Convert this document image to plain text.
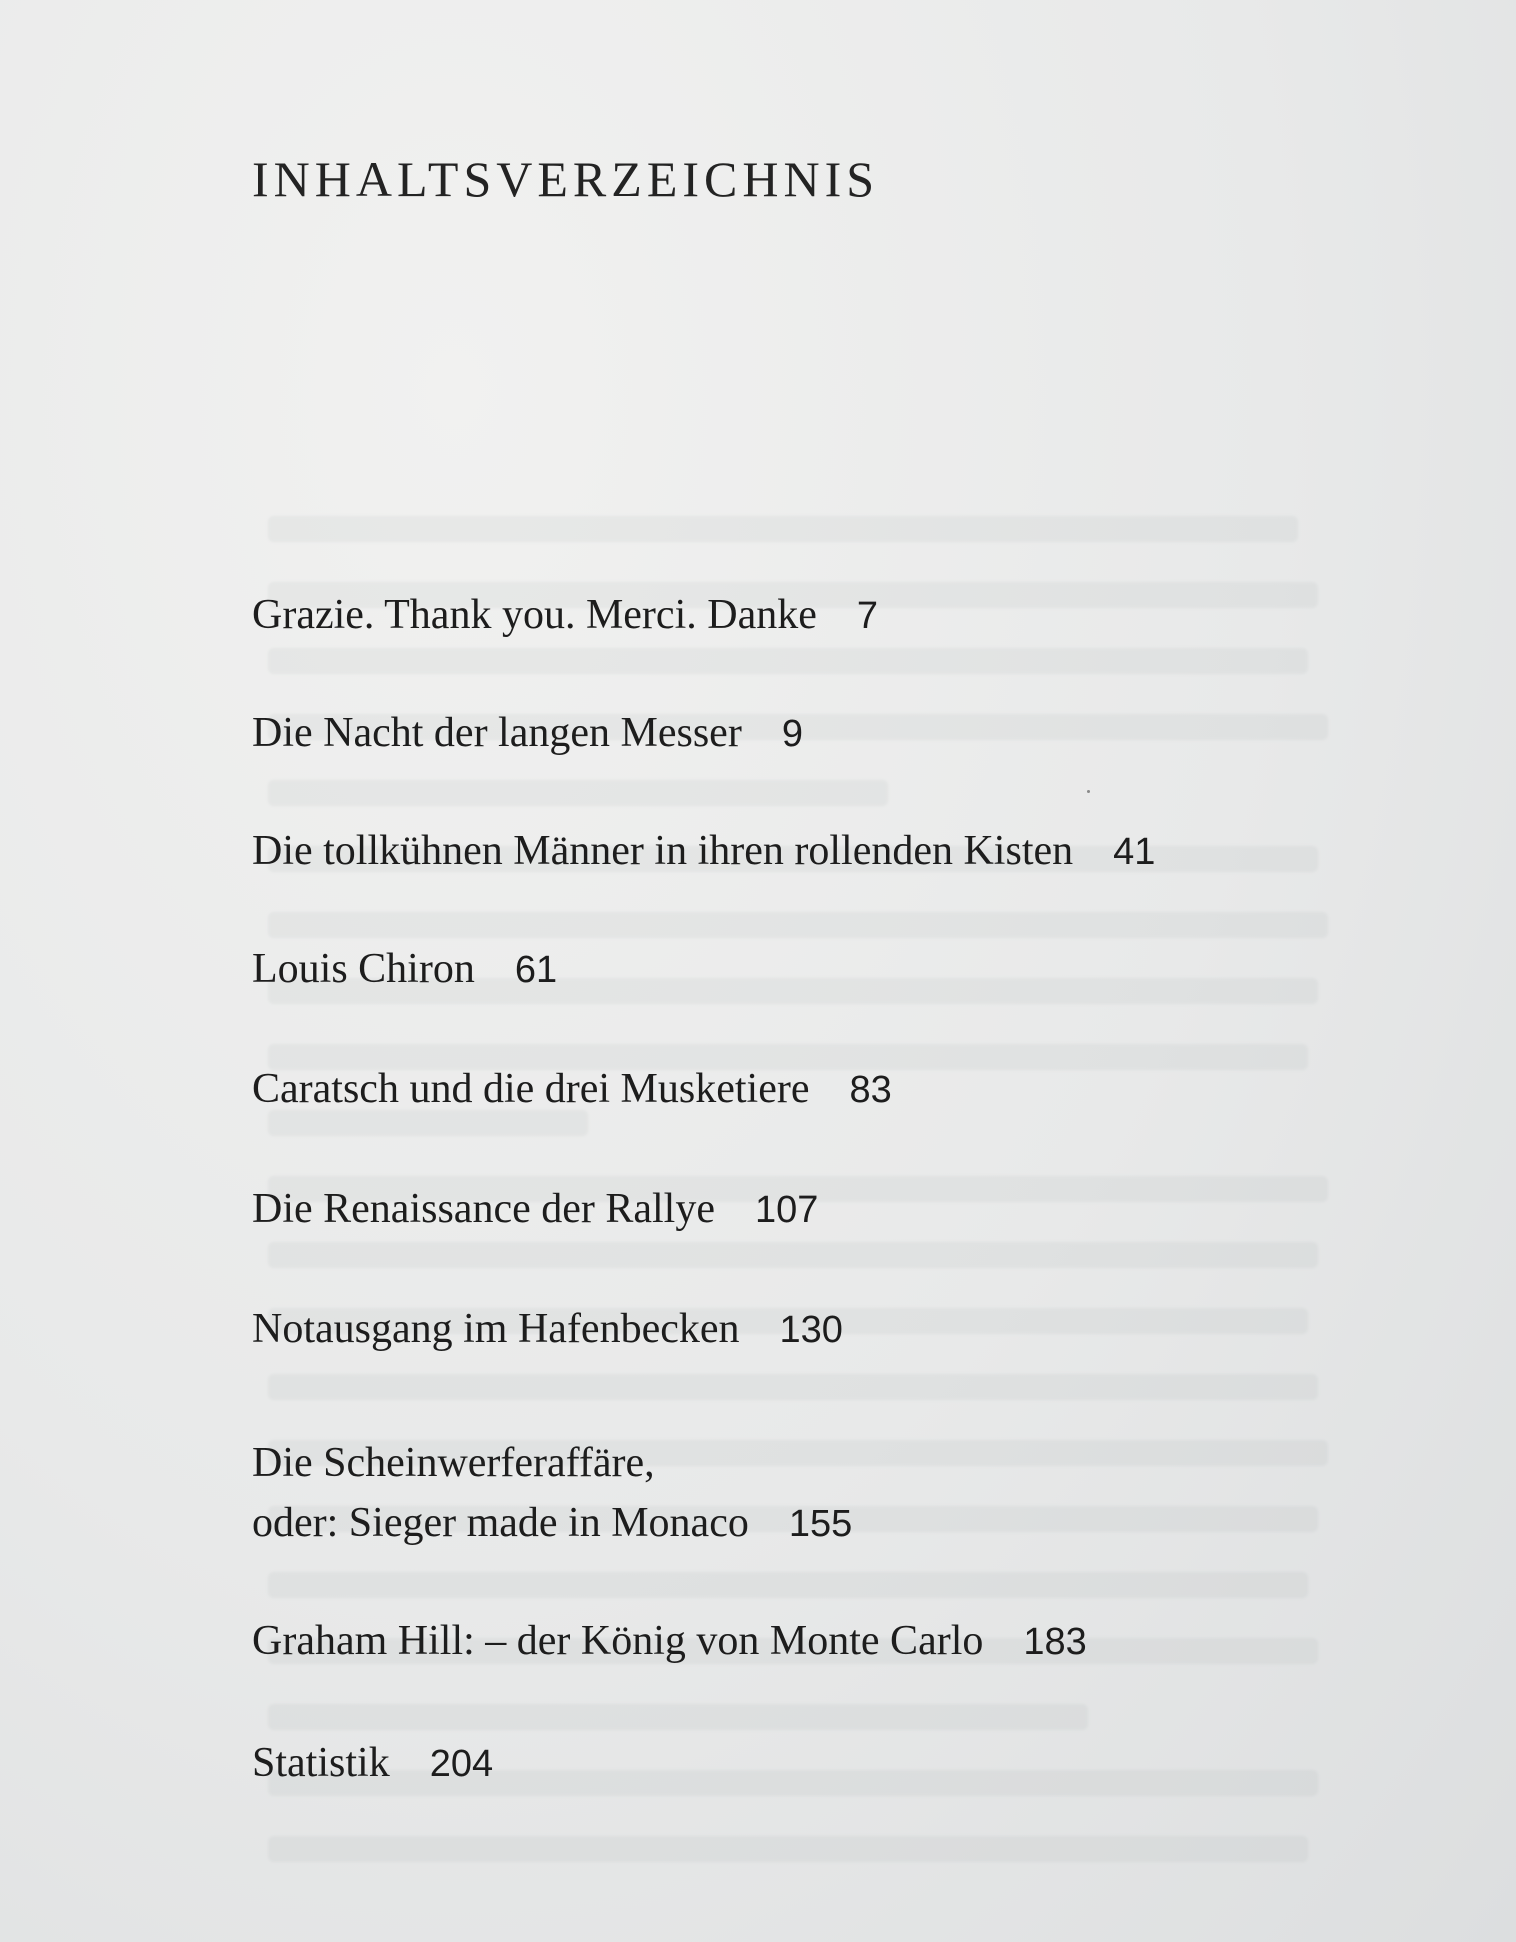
INHALTSVERZEICHNIS
Grazie. Thank you. Merci. Danke 7
Die Nacht der langen Messer 9
Die tollkühnen Männer in ihren rollenden Kisten 41
Louis Chiron 61
Caratsch und die drei Musketiere 83
Die Renaissance der Rallye 107
Notausgang im Hafenbecken 130
Die Scheinwerferaffäre,
oder: Sieger made in Monaco 155
Graham Hill: – der König von Monte Carlo 183
Statistik 204
